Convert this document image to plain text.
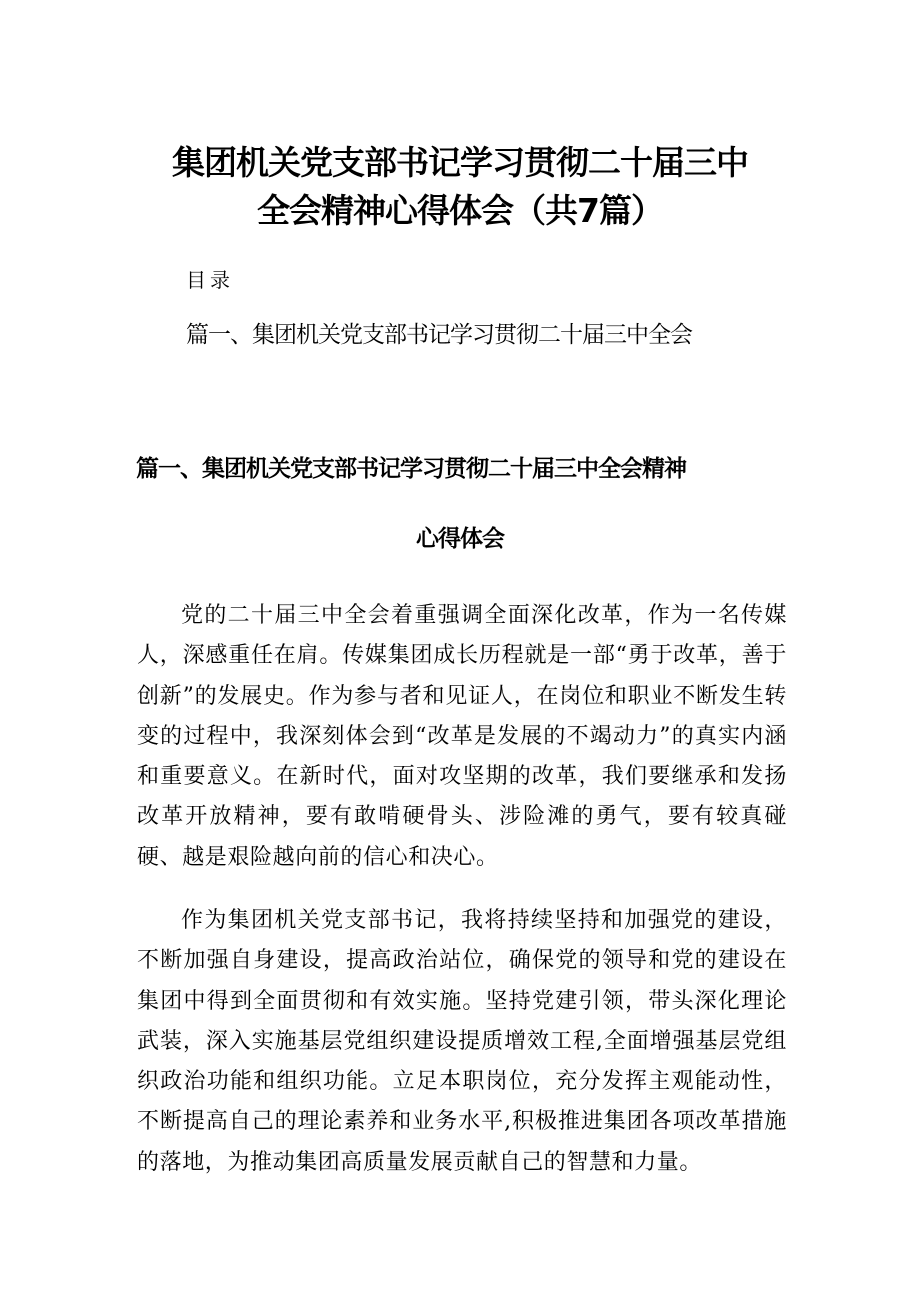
集团机关党支部书记学习贯彻二十届三中
全会精神心得体会（共7篇）
目录
篇一、集团机关党支部书记学习贯彻二十届三中全会
篇一、集团机关党支部书记学习贯彻二十届三中全会精神
心得体会

党的二十届三中全会着重强调全面深化改革，作为一名传媒人，深感重任在肩。传媒集团成长历程就是一部“勇于改革，善于创新”的发展史。作为参与者和见证人，在岗位和职业不断发生转变的过程中，我深刻体会到“改革是发展的不竭动力”的真实内涵和重要意义。在新时代，面对攻坚期的改革，我们要继承和发扬改革开放精神，要有敢啃硬骨头、涉险滩的勇气，要有较真碰硬、越是艰险越向前的信心和决心。

作为集团机关党支部书记，我将持续坚持和加强党的建设，不断加强自身建设，提高政治站位，确保党的领导和党的建设在集团中得到全面贯彻和有效实施。坚持党建引领，带头深化理论武装，深入实施基层党组织建设提质增效工程,全面增强基层党组织政治功能和组织功能。立足本职岗位，充分发挥主观能动性，不断提高自己的理论素养和业务水平,积极推进集团各项改革措施的落地，为推动集团高质量发展贡献自己的智慧和力量。
